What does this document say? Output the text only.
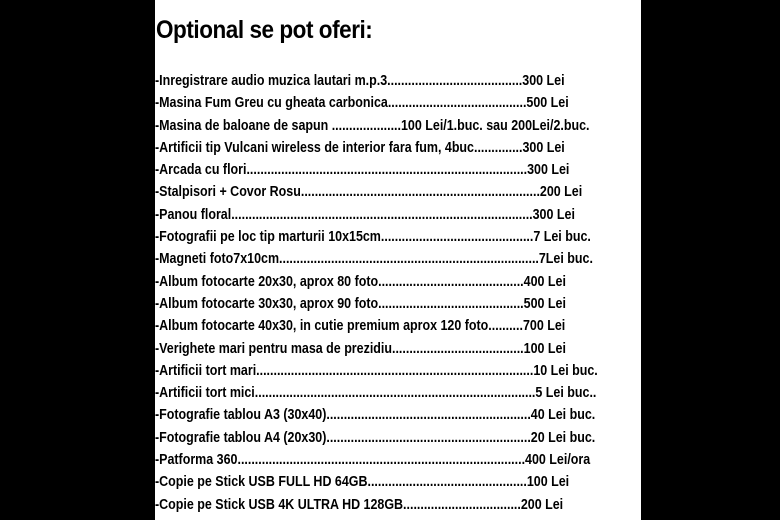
Optional se pot oferi:
-Inregistrare audio muzica lautari m.p.3.......................................300 Lei
-Masina Fum Greu cu gheata carbonica........................................500 Lei
-Masina de baloane de sapun ....................100 Lei/1.buc. sau 200Lei/2.buc.
-Artificii tip Vulcani wireless de interior fara fum, 4buc..............300 Lei
-Arcada cu flori.................................................................................300 Lei
-Stalpisori + Covor Rosu.....................................................................200 Lei
-Panou floral.......................................................................................300 Lei
-Fotografii pe loc tip marturii 10x15cm............................................7 Lei buc.
-Magneti foto7x10cm...........................................................................7Lei buc.
-Album fotocarte 20x30, aprox 80 foto..........................................400 Lei
-Album fotocarte 30x30, aprox 90 foto..........................................500 Lei
-Album fotocarte 40x30, in cutie premium aprox 120 foto..........700 Lei
-Verighete mari pentru masa de prezidiu......................................100 Lei
-Artificii tort mari................................................................................10 Lei buc.
-Artificii tort mici.................................................................................5 Lei buc..
-Fotografie tablou A3 (30x40)...........................................................40 Lei buc.
-Fotografie tablou A4 (20x30)...........................................................20 Lei buc.
-Patforma 360...................................................................................400 Lei/ora
-Copie pe Stick USB FULL HD 64GB..............................................100 Lei
-Copie pe Stick USB 4K ULTRA HD 128GB..................................200 Lei
